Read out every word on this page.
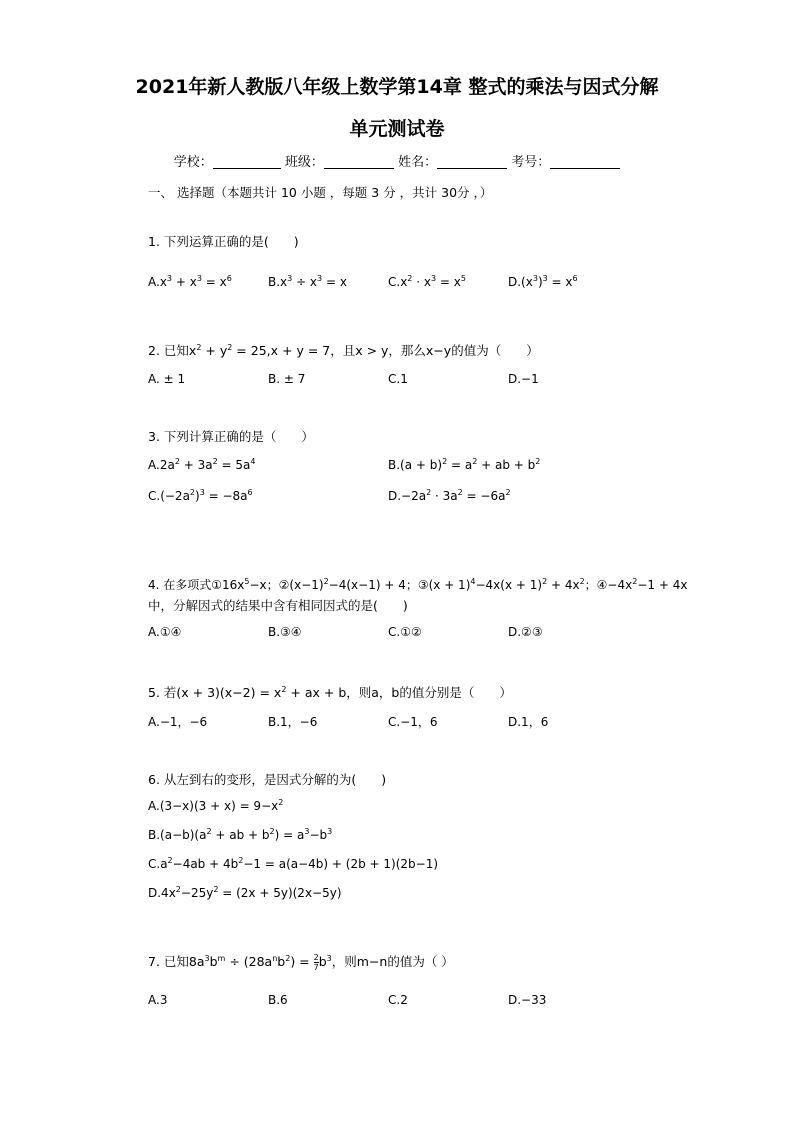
2021年新人教版八年级上数学第14章 整式的乘法与因式分解
单元测试卷
学校：	班级：	姓名：	考号：
一、 选择题（本题共计 10 小题 ，每题 3 分 ，共计 30分 ，）
1. 下列运算正确的是(　　)
$A.x^3 + x^3 = x^6$	$B.x^3 \div x^3 = x$	$C.x^2 \cdot x^3 = x^5$	$D.(x^3)^3 = x^6$
2. 已知$x^2 + y^2 = 25,x + y = 7$，且x > y，那么x−y的值为（　　）
A. ± 1	B. ± 7	C.1	D.−1
3. 下列计算正确的是（　　）
$A.2a^2 + 3a^2 = 5a^4$	$B.(a + b)^2 = a^2$ + ab + $b^2$
$C.(-2a^2)^3 = -8a^6$	$D.-2a^2 \cdot 3a^2 = -6a^2$
4. 在多项式$①16x^5-x$；$②(x-1)^2-4(x-1) + 4$；③(x + $1)^4-4x(x + 1)^2 + 4x^2$；$④-4x^2-1 + 4x$
中，分解因式的结果中含有相同因式的是(　　)
A.①④	B.③④	C.①②	D.②③
5. 若$(x + 3)(x-2) = x^2$ + ax + b，则a，b的值分别是（　　）
A.−1，−6	B.1，−6	C.−1，6	D.1，6
6. 从左到右的变形，是因式分解的为(　　)
$A.(3-x)(3 + x) = 9-x^2$
$B.(a-b)(a^2$ + ab + $b^2) = a^3-b^3$
$C.a^2-4ab + 4b^2-1 = a(a-4b) + (2b + 1)(2b-1)$
$D.4x^2-25y^2 = (2x + 5y)(2x-5y)$
7. 已知$8a^3b^m \div (28a^nb^2) = \frac{2}{7} b^3$，则m−n的值为（ ）
A.3	B.6	C.2	D.−33
